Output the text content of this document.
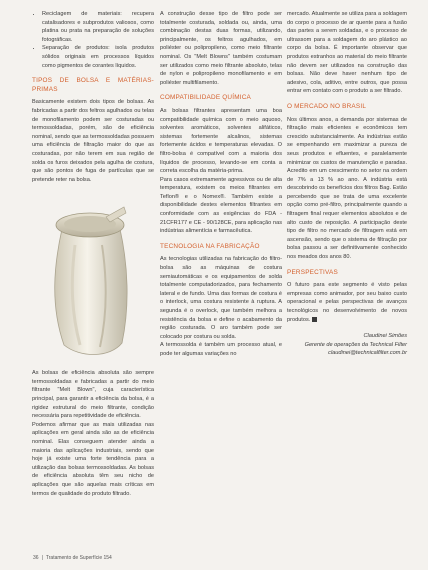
• Reciclagem de materiais: recupera catalisadores e subprodutos valiosos, como platina ou prata na preparação de soluções fotográficas.
• Separação de produtos: isola produtos sólidos originais em processos líquidos como pigmentos de corantes líquidos.
TIPOS DE BOLSA E MATÉRIAS-PRIMAS

Basicamente existem dois tipos de bolsas. As fabricadas a partir dos feltros agulhados ou telas de monofilamento podem ser costuradas ou termossoldadas, porém, são de eficiência nominal, sendo que as termossoldadas possuem uma eficiência de filtração maior do que as costuradas, por não terem em sua região de solda os furos deixados pela agulha de costura, que são pontos de fuga de partículas que se pretende reter na bolsa.

As bolsas de eficiência absoluta são sempre termossoldadas e fabricadas a partir do meio filtrante "Melt Blown", cuja característica principal, para garantir a eficiência da bolsa, é a rigidez estrutural do meio filtrante, condição necessária para repetitividade de eficiência.

Podemos afirmar que as mais utilizadas nas aplicações em geral ainda são as de eficiência nominal. Elas conseguem atender ainda a maioria das aplicações industriais, sendo que hoje já existe uma forte tendência para a utilização das bolsas termossoldadas. As bolsas de eficiência absoluta têm seu nicho de aplicações que são aquelas mais críticas em termos de qualidade do produto filtrado.

A construção desse tipo de filtro pode ser totalmente costurada, soldada ou, ainda, uma combinação destas duas formas, utilizando, principalmente, os feltros agulhados, em poliéster ou polipropileno, como meio filtrante nominal. Os "Melt Blowns" também costumam ser utilizados como meio filtrante absoluto, telas de nylon e polipropileno monofilamento e em poliéster multifilamento.

COMPATIBILIDADE QUÍMICA

As bolsas filtrantes apresentam uma boa compatibilidade química com o meio aquoso, solventes aromáticos, solventes alifáticos, sistemas fortemente alcalinos, sistemas fortemente ácidos e temperaturas elevadas. O filtro-bolsa é compatível com a maioria dos líquidos de processo, levando-se em conta a correta escolha da matéria-prima.

Para casos extremamente agressivos ou de alta temperatura, existem os meios filtrantes em Teflon® e o Nomex®. Também existe a disponibilidade destes elementos filtrantes em conformidade com as exigências do FDA - 21CFR177 e CE - 90/128CE, para aplicação nas indústrias alimentícia e farmacêutica.

TECNOLOGIA NA FABRICAÇÃO

As tecnologias utilizadas na fabricação do filtro-bolsa são as máquinas de costura semiautomáticas e os equipamentos de solda totalmente computadorizados, para fechamento lateral e de fundo. Uma das formas de costura é o interlock, uma costura resistente à ruptura. A segunda é o overlock, que também melhora a resistência da bolsa e define o acabamento da região costurada. O aro também pode ser colocado por costura ou solda.

A termossolda é também um processo atual, e pode ter algumas variações no

mercado. Atualmente se utiliza para a soldagem do corpo o processo de ar quente para a fusão das partes a serem soldadas, e o processo de ultrassom para a soldagem do aro plástico ao corpo da bolsa. É importante observar que produtos estranhos ao material do meio filtrante não devem ser utilizados na construção das bolsas. Não deve haver nenhum tipo de adesivo, cola, aditivo, entre outros, que possa entrar em contato com o produto a ser filtrado.

O MERCADO NO BRASIL

Nos últimos anos, a demanda por sistemas de filtração mais eficientes e econômicos tem crescido substancialmente. As indústrias estão se empenhando em maximizar a pureza de seus produtos e efluentes, e paralelamente minimizar os custos de manutenção e paradas. Acredito em um crescimento no setor na ordem de 7% a 13 % ao ano. A indústria está descobrindo os benefícios dos filtros Bag. Estão percebendo que se trata de uma excelente opção como pré-filtro, principalmente quando a filtragem final requer elementos absolutos e de alto custo de reposição. A participação deste tipo de filtro no mercado de filtragem está em ascensão, sendo que o sistema de filtração por bolsa passou a ser definitivamente conhecido nos meados dos anos 80.

PERSPECTIVAS

O futuro para este segmento é visto pelas empresas como animador, por seu baixo custo operacional e pelas perspectivas de avanços tecnológicos no desenvolvimento de novos produtos.

Claudinei Simões
Gerente de operações da Technical Filter
claudinei@technicalfilter.com.br
36 | Tratamento de Superfície 154
